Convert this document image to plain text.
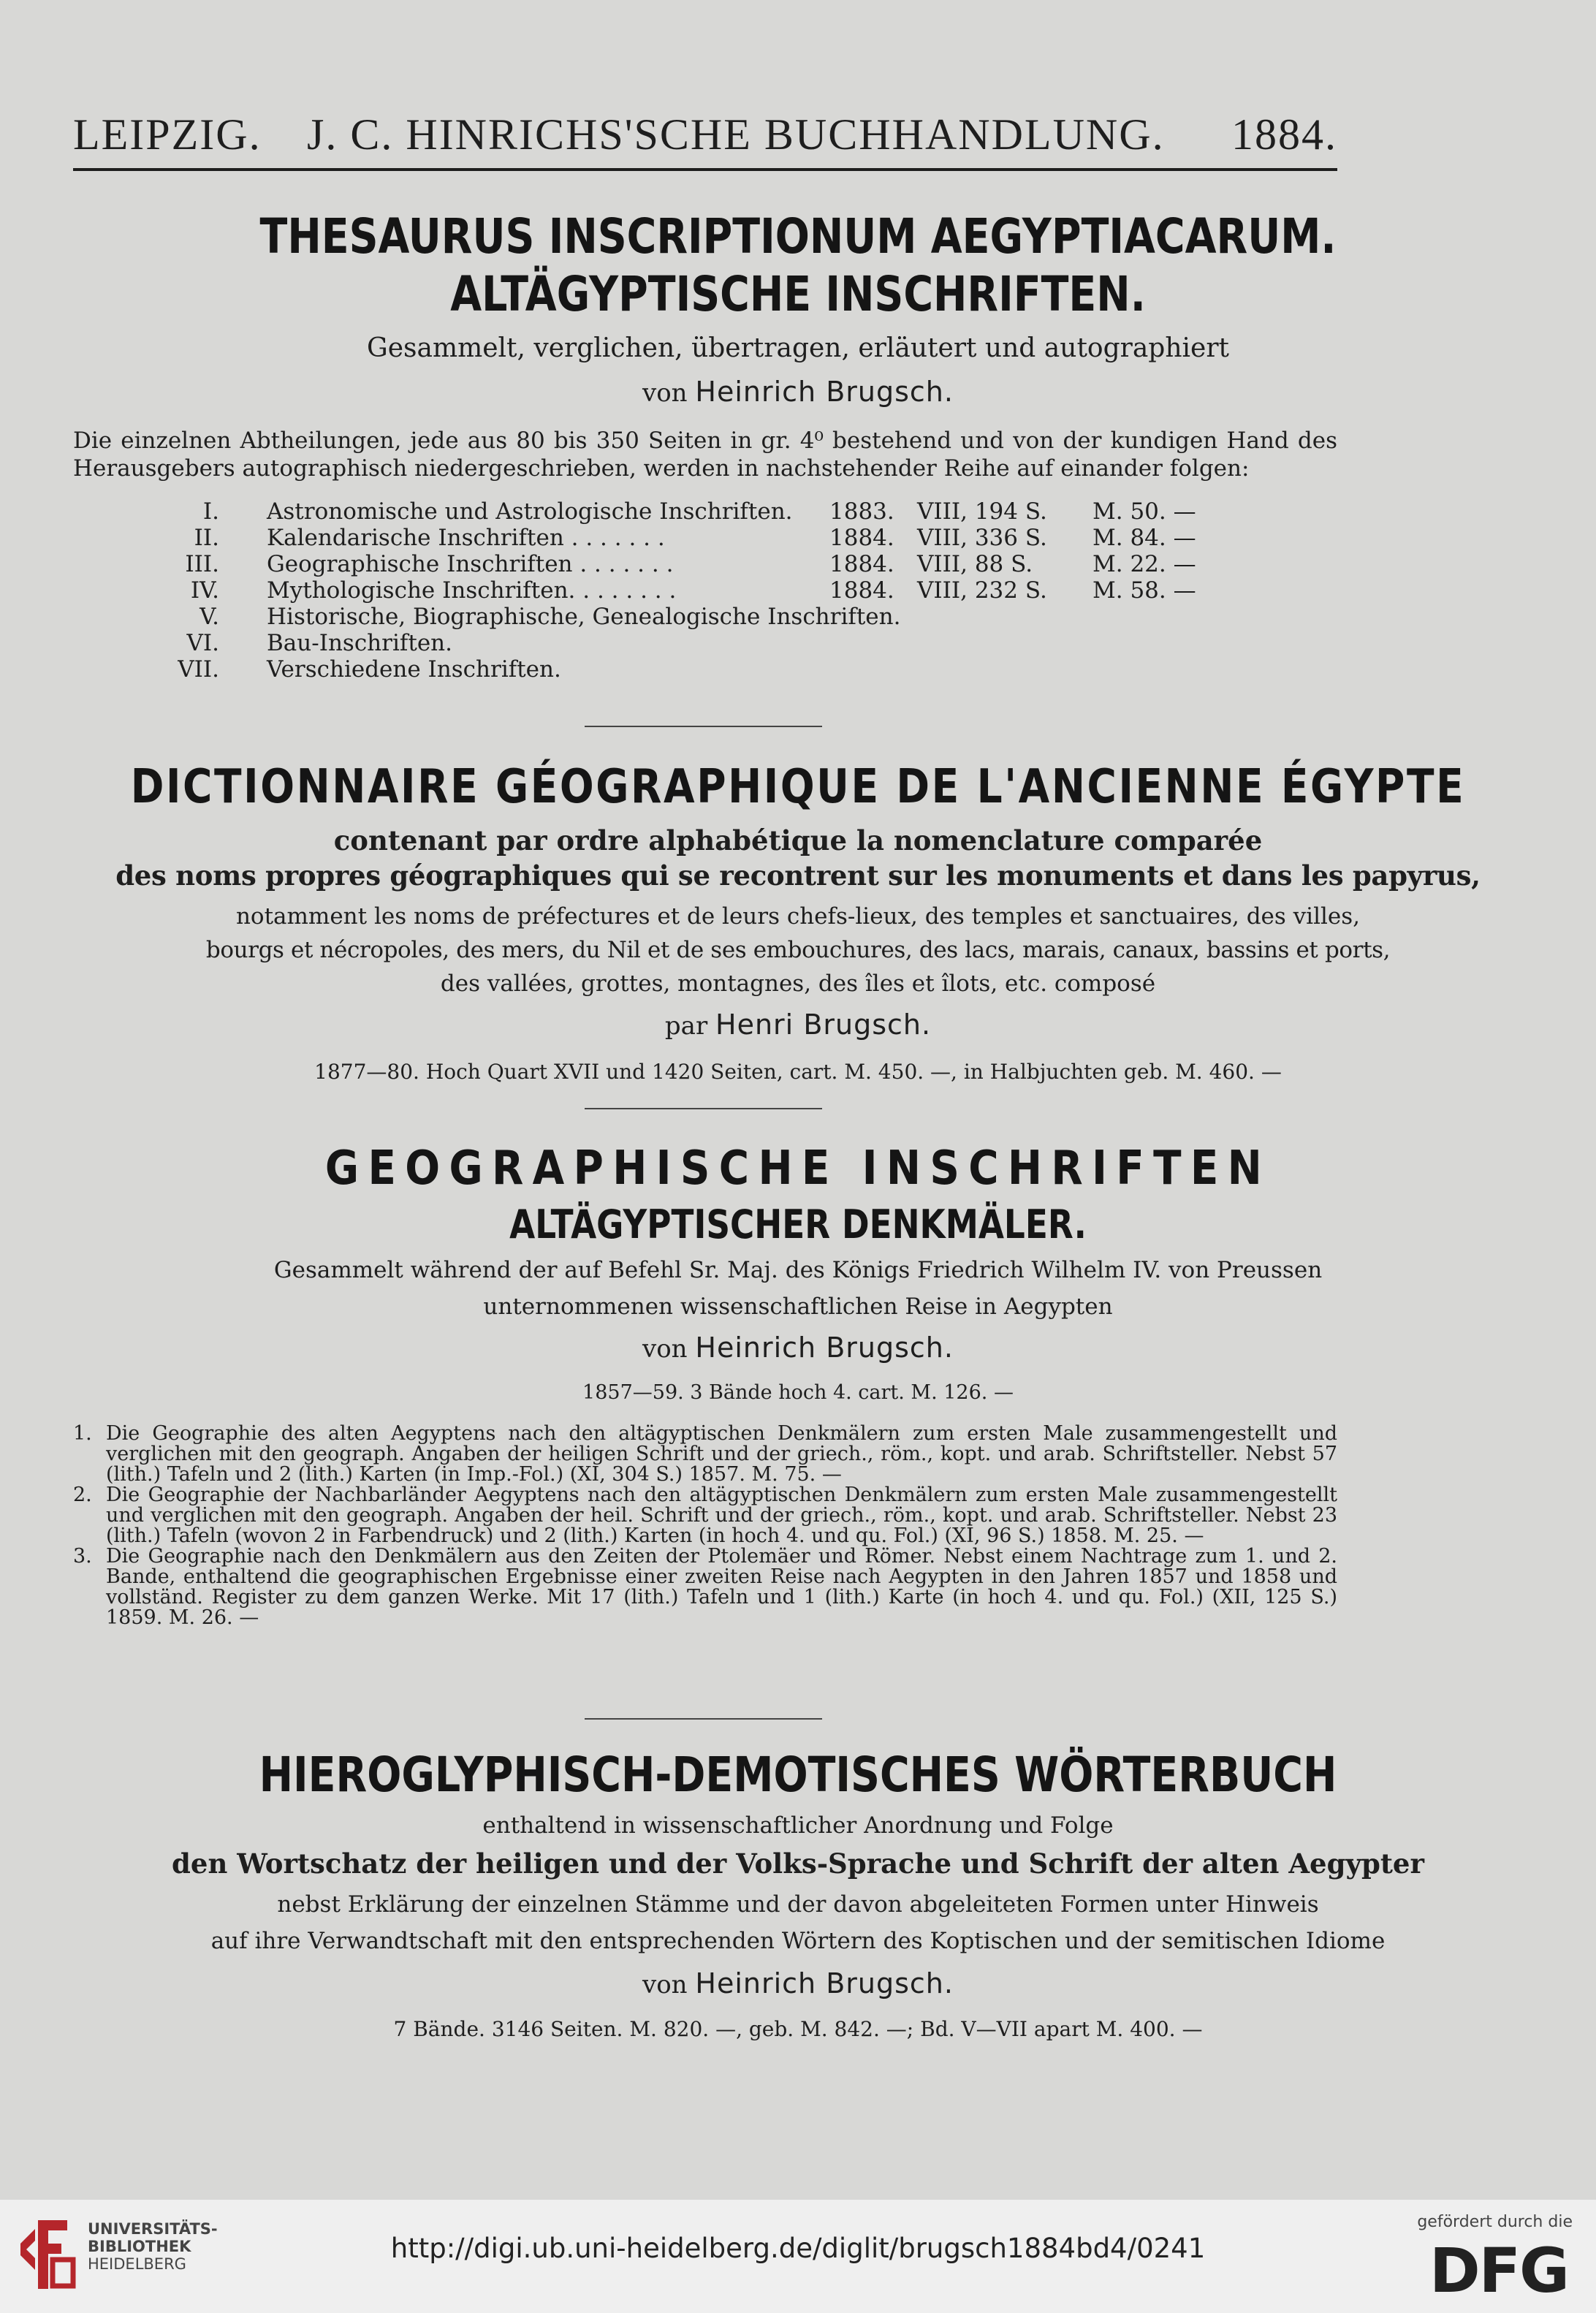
LEIPZIG. J. C. HINRICHS'SCHE BUCHHANDLUNG. 1884.
THESAURUS INSCRIPTIONUM AEGYPTIACARUM.
ALTÄGYPTISCHE INSCHRIFTEN.
Gesammelt, verglichen, übertragen, erläutert und autographiert
von Heinrich Brugsch.
Die einzelnen Abtheilungen, jede aus 80 bis 350 Seiten in gr. 4⁰ bestehend und von der kundigen Hand des Herausgebers autographisch niedergeschrieben, werden in nachstehender Reihe auf einander folgen:
I. Astronomische und Astrologische Inschriften. 1883. VIII, 194 S. M. 50. —
II. Kalendarische Inschriften . . . . . . .	1884. VIII, 336 S. M. 84. —
III. Geographische Inschriften . . . . . . .	1884. VIII, 88 S.	M. 22. —
IV. Mythologische Inschriften. . . . . . . .	1884. VIII, 232 S. M. 58. —
V. Historische, Biographische, Genealogische Inschriften.
VI. Bau-Inschriften.
VII. Verschiedene Inschriften.
DICTIONNAIRE GÉOGRAPHIQUE DE L'ANCIENNE ÉGYPTE
contenant par ordre alphabétique la nomenclature comparée
des noms propres géographiques qui se recontrent sur les monuments et dans les papyrus,
notamment les noms de préfectures et de leurs chefs-lieux, des temples et sanctuaires, des villes,
bourgs et nécropoles, des mers, du Nil et de ses embouchures, des lacs, marais, canaux, bassins et ports,
des vallées, grottes, montagnes, des îles et îlots, etc. composé
par Henri Brugsch.
1877—80. Hoch Quart XVII und 1420 Seiten, cart. M. 450. —, in Halbjuchten geb. M. 460. —
GEOGRAPHISCHE INSCHRIFTEN
ALTÄGYPTISCHER DENKMÄLER.
Gesammelt während der auf Befehl Sr. Maj. des Königs Friedrich Wilhelm IV. von Preussen
unternommenen wissenschaftlichen Reise in Aegypten
von Heinrich Brugsch.
1857—59. 3 Bände hoch 4. cart. M. 126. —
1. Die Geographie des alten Aegyptens nach den altägyptischen Denkmälern zum ersten Male zusammengestellt und verglichen mit den geograph. Angaben der heiligen Schrift und der griech., röm., kopt. und arab. Schriftsteller. Nebst 57 (lith.) Tafeln und 2 (lith.) Karten (in Imp.-Fol.) (XI, 304 S.) 1857. M. 75. —
2. Die Geographie der Nachbarländer Aegyptens nach den altägyptischen Denkmälern zum ersten Male zusammengestellt und verglichen mit den geograph. Angaben der heil. Schrift und der griech., röm., kopt. und arab. Schriftsteller. Nebst 23 (lith.) Tafeln (wovon 2 in Farbendruck) und 2 (lith.) Karten (in hoch 4. und qu. Fol.) (XI, 96 S.) 1858. M. 25. —
3. Die Geographie nach den Denkmälern aus den Zeiten der Ptolemäer und Römer. Nebst einem Nachtrage zum 1. und 2. Bande, enthaltend die geographischen Ergebnisse einer zweiten Reise nach Aegypten in den Jahren 1857 und 1858 und vollständ. Register zu dem ganzen Werke. Mit 17 (lith.) Tafeln und 1 (lith.) Karte (in hoch 4. und qu. Fol.) (XII, 125 S.) 1859. M. 26. —
HIEROGLYPHISCH-DEMOTISCHES WÖRTERBUCH
enthaltend in wissenschaftlicher Anordnung und Folge
den Wortschatz der heiligen und der Volks-Sprache und Schrift der alten Aegypter
nebst Erklärung der einzelnen Stämme und der davon abgeleiteten Formen unter Hinweis
auf ihre Verwandtschaft mit den entsprechenden Wörtern des Koptischen und der semitischen Idiome
von Heinrich Brugsch.
7 Bände. 3146 Seiten. M. 820. —, geb. M. 842. —; Bd. V—VII apart M. 400. —
UNIVERSITÄTS-
BIBLIOTHEK
HEIDELBERG	http://digi.ub.uni-heidelberg.de/diglit/brugsch1884bd4/0241
gefördert durch die
DFG
